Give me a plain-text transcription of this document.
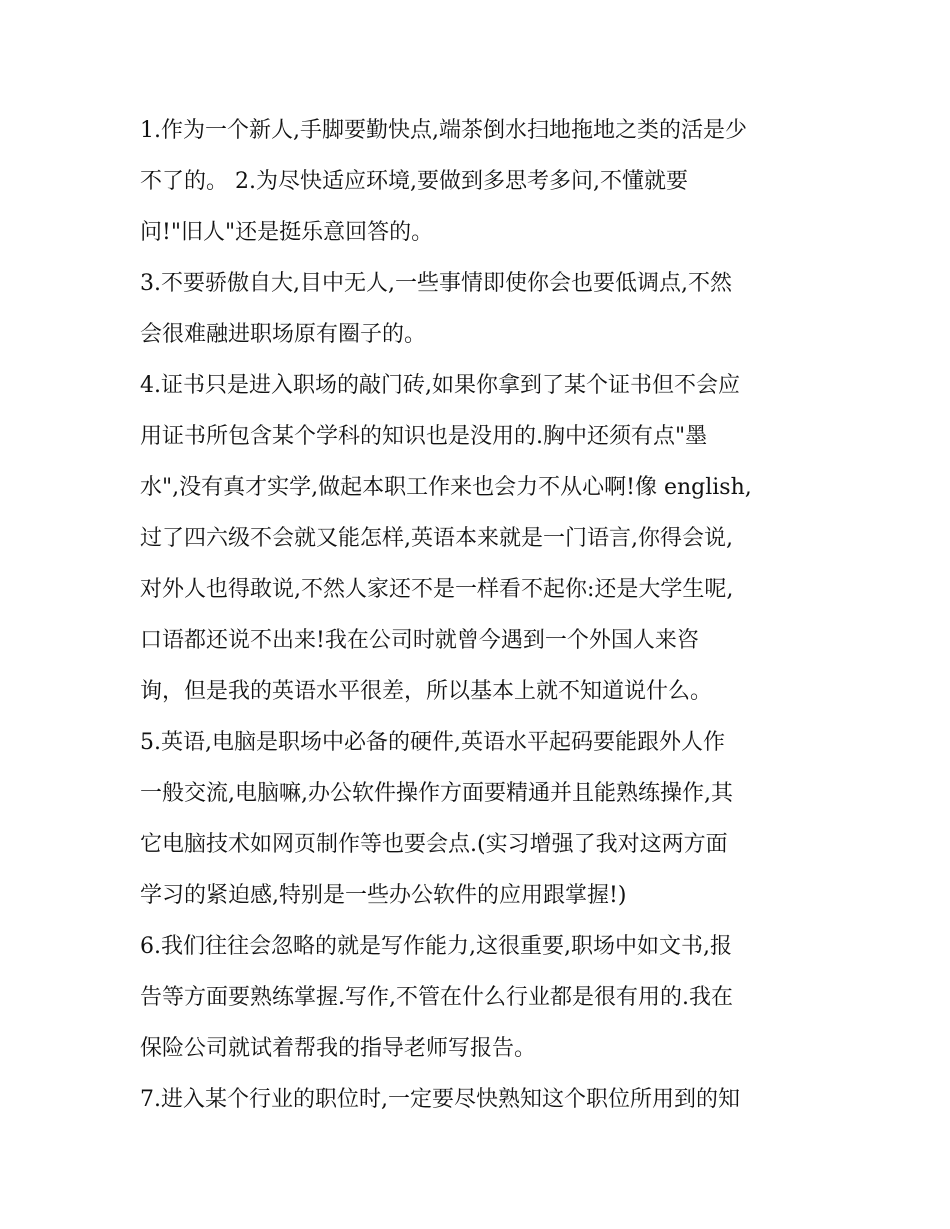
1.作为一个新人,手脚要勤快点,端茶倒水扫地拖地之类的活是少
不了的。 2.为尽快适应环境,要做到多思考多问,不懂就要
问!"旧人"还是挺乐意回答的。
3.不要骄傲自大,目中无人,一些事情即使你会也要低调点,不然
会很难融进职场原有圈子的。
4.证书只是进入职场的敲门砖,如果你拿到了某个证书但不会应
用证书所包含某个学科的知识也是没用的.胸中还须有点"墨
水",没有真才实学,做起本职工作来也会力不从心啊!像 english,
过了四六级不会就又能怎样,英语本来就是一门语言,你得会说,
对外人也得敢说,不然人家还不是一样看不起你:还是大学生呢,
口语都还说不出来!我在公司时就曾今遇到一个外国人来咨
询，但是我的英语水平很差，所以基本上就不知道说什么。
5.英语,电脑是职场中必备的硬件,英语水平起码要能跟外人作
一般交流,电脑嘛,办公软件操作方面要精通并且能熟练操作,其
它电脑技术如网页制作等也要会点.(实习增强了我对这两方面
学习的紧迫感,特别是一些办公软件的应用跟掌握!)
6.我们往往会忽略的就是写作能力,这很重要,职场中如文书,报
告等方面要熟练掌握.写作,不管在什么行业都是很有用的.我在
保险公司就试着帮我的指导老师写报告。
7.进入某个行业的职位时,一定要尽快熟知这个职位所用到的知
